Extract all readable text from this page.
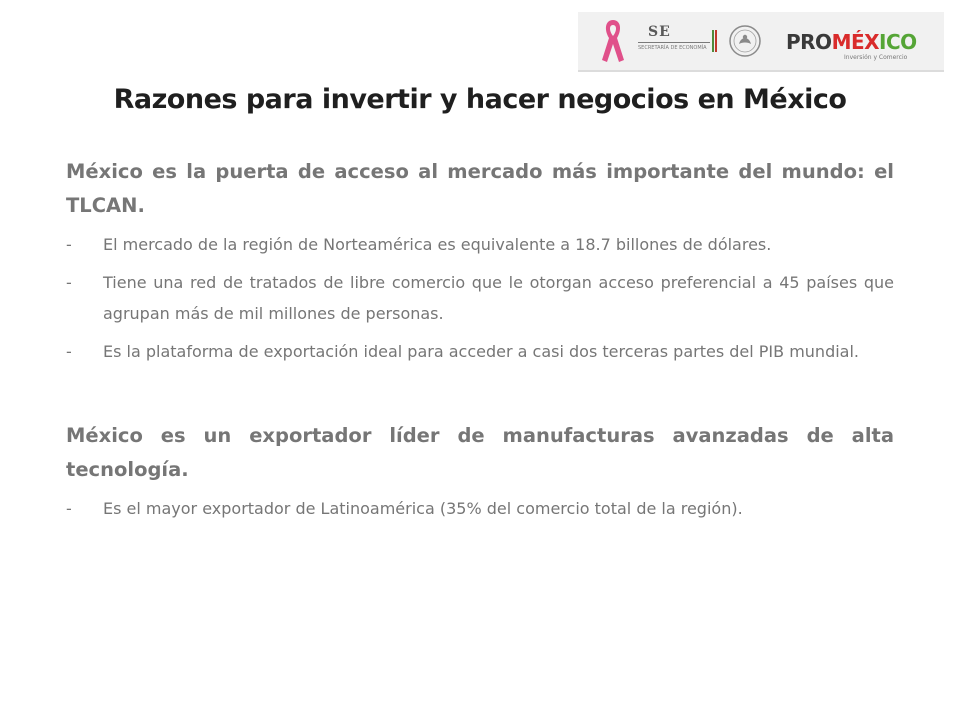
SE
SECRETARÍA DE ECONOMÍA	PROMÉXICO
Inversión y Comercio
Razones para invertir y hacer negocios en México

México es la puerta de acceso al mercado más importante del mundo: el TLCAN.

- El mercado de la región de Norteamérica es equivalente a 18.7 billones de dólares.
- Tiene una red de tratados de libre comercio que le otorgan acceso preferencial a 45 países que agrupan más de mil millones de personas.
- Es la plataforma de exportación ideal para acceder a casi dos terceras partes del PIB mundial.

México es un exportador líder de manufacturas avanzadas de alta tecnología.

- Es el mayor exportador de Latinoamérica (35% del comercio total de la región).
